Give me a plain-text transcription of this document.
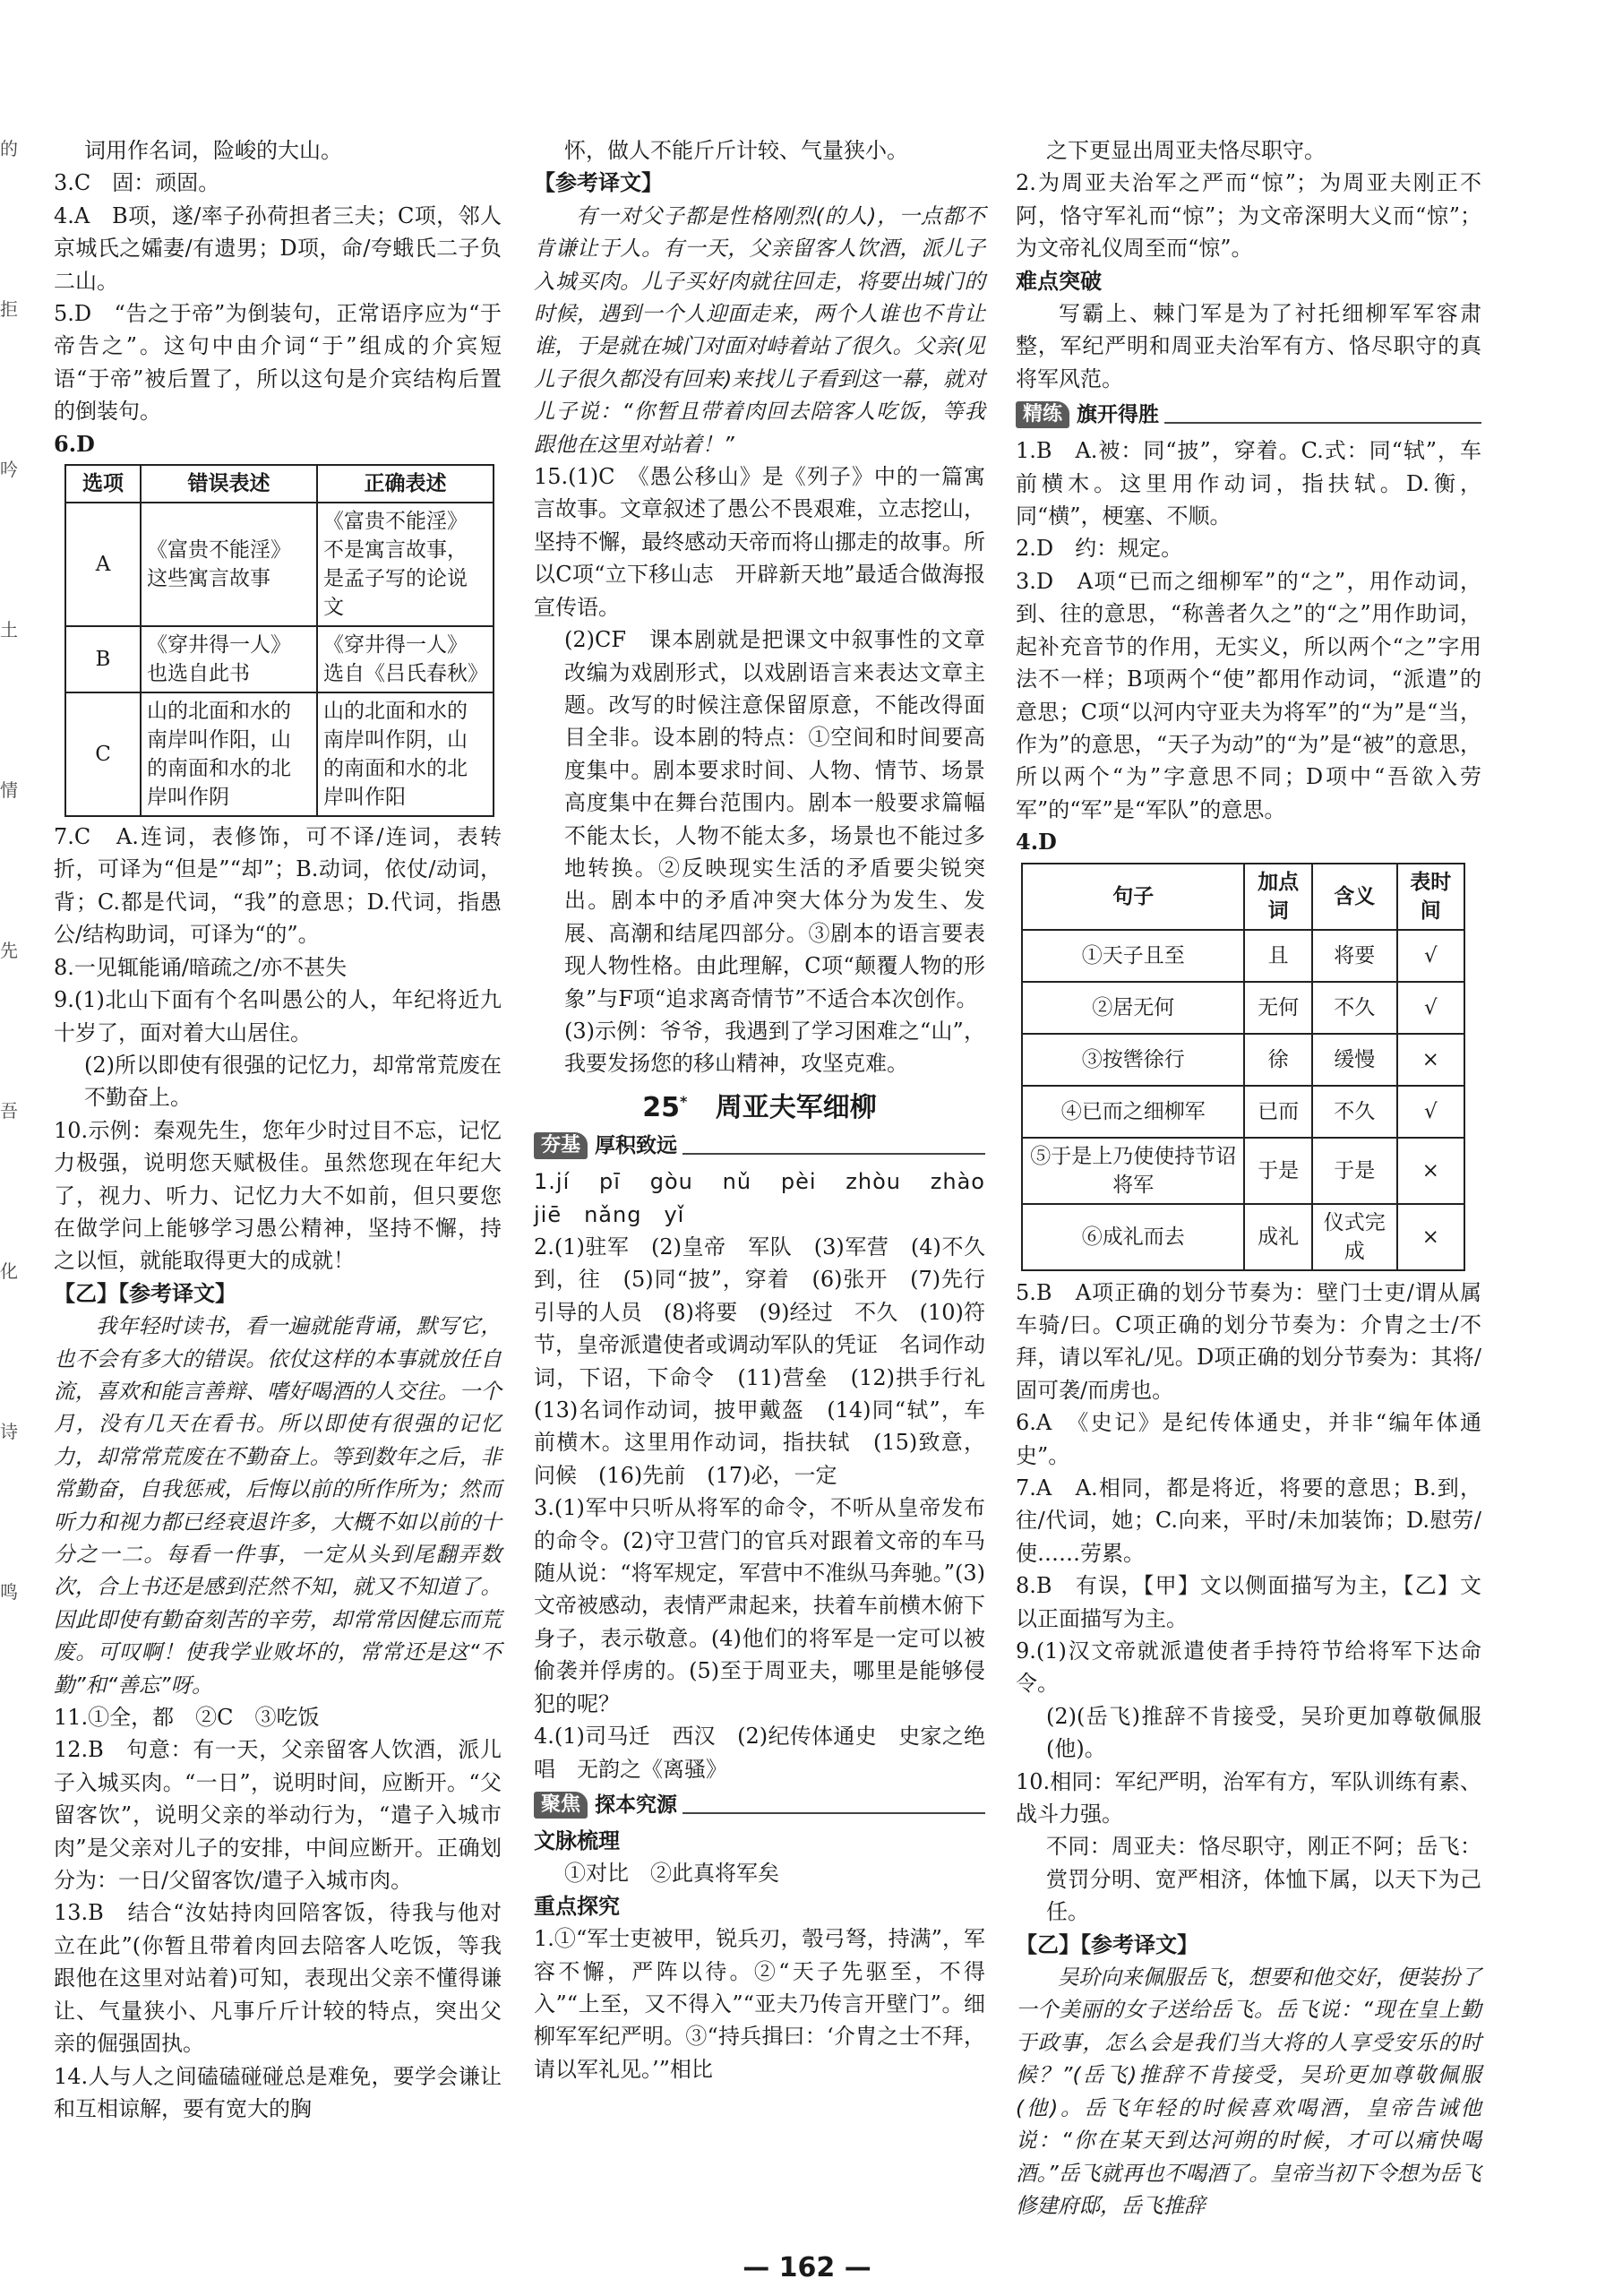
的
拒
吟
土
情
先
吾
化
诗
鸣

词用作名词，险峻的大山。

3.C　固：顽固。

4.A　B项，遂/率子孙荷担者三夫；C项，邻人京城氏之孀妻/有遗男；D项，命/夸蛾氏二子负二山。

5.D　“告之于帝”为倒装句，正常语序应为“于帝告之”。这句中由介词“于”组成的介宾短语“于帝”被后置了，所以这句是介宾结构后置的倒装句。

6.D

选项	错误表述	正确表述
A	《富贵不能淫》这些寓言故事	《富贵不能淫》不是寓言故事，是孟子写的论说文
B	《穿井得一人》也选自此书	《穿井得一人》选自《吕氏春秋》
C	山的北面和水的南岸叫作阳，山的南面和水的北岸叫作阴	山的北面和水的南岸叫作阴，山的南面和水的北岸叫作阳

7.C　A.连词，表修饰，可不译/连词，表转折，可译为“但是”“却”；B.动词，依仗/动词，背；C.都是代词，“我”的意思；D.代词，指愚公/结构助词，可译为“的”。

8.一见辄能诵/暗疏之/亦不甚失

9.(1)北山下面有个名叫愚公的人，年纪将近九十岁了，面对着大山居住。

(2)所以即使有很强的记忆力，却常常荒废在不勤奋上。

10.示例：秦观先生，您年少时过目不忘，记忆力极强，说明您天赋极佳。虽然您现在年纪大了，视力、听力、记忆力大不如前，但只要您在做学问上能够学习愚公精神，坚持不懈，持之以恒，就能取得更大的成就！

【乙】【参考译文】

我年轻时读书，看一遍就能背诵，默写它，也不会有多大的错误。依仗这样的本事就放任自流，喜欢和能言善辩、嗜好喝酒的人交往。一个月，没有几天在看书。所以即使有很强的记忆力，却常常荒废在不勤奋上。等到数年之后，非常勤奋，自我惩戒，后悔以前的所作所为；然而听力和视力都已经衰退许多，大概不如以前的十分之一二。每看一件事，一定从头到尾翻弄数次，合上书还是感到茫然不知，就又不知道了。因此即使有勤奋刻苦的辛劳，却常常因健忘而荒废。可叹啊！使我学业败坏的，常常还是这“不勤”和“善忘”呀。

11.①全，都　②C　③吃饭

12.B　句意：有一天，父亲留客人饮酒，派儿子入城买肉。“一日”，说明时间，应断开。“父留客饮”，说明父亲的举动行为，“遣子入城市肉”是父亲对儿子的安排，中间应断开。正确划分为：一日/父留客饮/遣子入城市肉。

13.B　结合“汝姑持肉回陪客饭，待我与他对立在此”(你暂且带着肉回去陪客人吃饭，等我跟他在这里对站着)可知，表现出父亲不懂得谦让、气量狭小、凡事斤斤计较的特点，突出父亲的倔强固执。

14.人与人之间磕磕碰碰总是难免，要学会谦让和互相谅解，要有宽大的胸

怀，做人不能斤斤计较、气量狭小。

【参考译文】

有一对父子都是性格刚烈(的人)，一点都不肯谦让于人。有一天，父亲留客人饮酒，派儿子入城买肉。儿子买好肉就往回走，将要出城门的时候，遇到一个人迎面走来，两个人谁也不肯让谁，于是就在城门对面对峙着站了很久。父亲(见儿子很久都没有回来)来找儿子看到这一幕，就对儿子说：“你暂且带着肉回去陪客人吃饭，等我跟他在这里对站着！”

15.(1)C　《愚公移山》是《列子》中的一篇寓言故事。文章叙述了愚公不畏艰难，立志挖山，坚持不懈，最终感动天帝而将山挪走的故事。所以C项“立下移山志　开辟新天地”最适合做海报宣传语。

(2)CF　课本剧就是把课文中叙事性的文章改编为戏剧形式，以戏剧语言来表达文章主题。改写的时候注意保留原意，不能改得面目全非。设本剧的特点：①空间和时间要高度集中。剧本要求时间、人物、情节、场景高度集中在舞台范围内。剧本一般要求篇幅不能太长，人物不能太多，场景也不能过多地转换。②反映现实生活的矛盾要尖锐突出。剧本中的矛盾冲突大体分为发生、发展、高潮和结尾四部分。③剧本的语言要表现人物性格。由此理解，C项“颠覆人物的形象”与F项“追求离奇情节”不适合本次创作。

(3)示例：爷爷，我遇到了学习困难之“山”，我要发扬您的移山精神，攻坚克难。

25* 周亚夫军细柳
夯基 厚积致远

1.jí　pī　gòu　nǔ　pèi　zhòu　zhào　jiē　nǎng　yǐ

2.(1)驻军　(2)皇帝　军队　(3)军营　(4)不久　到，往　(5)同“披”，穿着　(6)张开　(7)先行引导的人员　(8)将要　(9)经过　不久　(10)符节，皇帝派遣使者或调动军队的凭证　名词作动词，下诏，下命令　(11)营垒　(12)拱手行礼　(13)名词作动词，披甲戴盔　(14)同“轼”，车前横木。这里用作动词，指扶轼　(15)致意，问候　(16)先前　(17)必，一定

3.(1)军中只听从将军的命令，不听从皇帝发布的命令。(2)守卫营门的官兵对跟着文帝的车马随从说：“将军规定，军营中不准纵马奔驰。”(3)文帝被感动，表情严肃起来，扶着车前横木俯下身子，表示敬意。(4)他们的将军是一定可以被偷袭并俘虏的。(5)至于周亚夫，哪里是能够侵犯的呢？

4.(1)司马迁　西汉　(2)纪传体通史　史家之绝唱　无韵之《离骚》

聚焦 探本究源

文脉梳理

①对比　②此真将军矣

重点探究

1.①“军士吏被甲，锐兵刃，彀弓弩，持满”，军容不懈，严阵以待。②“天子先驱至，不得入”“上至，又不得入”“亚夫乃传言开壁门”。细柳军军纪严明。③“持兵揖曰：‘介胄之士不拜，请以军礼见。’”相比

之下更显出周亚夫恪尽职守。

2.为周亚夫治军之严而“惊”；为周亚夫刚正不阿，恪守军礼而“惊”；为文帝深明大义而“惊”；为文帝礼仪周至而“惊”。

难点突破

写霸上、棘门军是为了衬托细柳军军容肃整，军纪严明和周亚夫治军有方、恪尽职守的真将军风范。

精练 旗开得胜

1.B　A.被：同“披”，穿着。C.式：同“轼”，车前横木。这里用作动词，指扶轼。D.衡，同“横”，梗塞、不顺。

2.D　约：规定。

3.D　A项“已而之细柳军”的“之”，用作动词，到、往的意思，“称善者久之”的“之”用作助词，起补充音节的作用，无实义，所以两个“之”字用法不一样；B项两个“使”都用作动词，“派遣”的意思；C项“以河内守亚夫为将军”的“为”是“当，作为”的意思，“天子为动”的“为”是“被”的意思，所以两个“为”字意思不同；D项中“吾欲入劳军”的“军”是“军队”的意思。

4.D

句子	加点词	含义	表时间
①天子且至	且	将要	√
②居无何	无何	不久	√
③按辔徐行	徐	缓慢	×
④已而之细柳军	已而	不久	√
⑤于是上乃使使持节诏将军	于是	于是	×
⑥成礼而去	成礼	仪式完成	×

5.B　A项正确的划分节奏为：壁门士吏/谓从属车骑/曰。C项正确的划分节奏为：介胄之士/不拜，请以军礼/见。D项正确的划分节奏为：其将/固可袭/而虏也。

6.A　《史记》是纪传体通史，并非“编年体通史”。

7.A　A.相同，都是将近，将要的意思；B.到，往/代词，她；C.向来，平时/未加装饰；D.慰劳/使……劳累。

8.B　有误，【甲】文以侧面描写为主，【乙】文以正面描写为主。

9.(1)汉文帝就派遣使者手持符节给将军下达命令。

(2)(岳飞)推辞不肯接受，吴玠更加尊敬佩服(他)。

10.相同：军纪严明，治军有方，军队训练有素、战斗力强。

不同：周亚夫：恪尽职守，刚正不阿；岳飞：赏罚分明、宽严相济，体恤下属，以天下为己任。

【乙】【参考译文】

吴玠向来佩服岳飞，想要和他交好，便装扮了一个美丽的女子送给岳飞。岳飞说：“现在皇上勤于政事，怎么会是我们当大将的人享受安乐的时候？”(岳飞)推辞不肯接受，吴玠更加尊敬佩服(他)。岳飞年轻的时候喜欢喝酒，皇帝告诫他说：“你在某天到达河朔的时候，才可以痛快喝酒。”岳飞就再也不喝酒了。皇帝当初下令想为岳飞修建府邸，岳飞推辞

— 162 —
